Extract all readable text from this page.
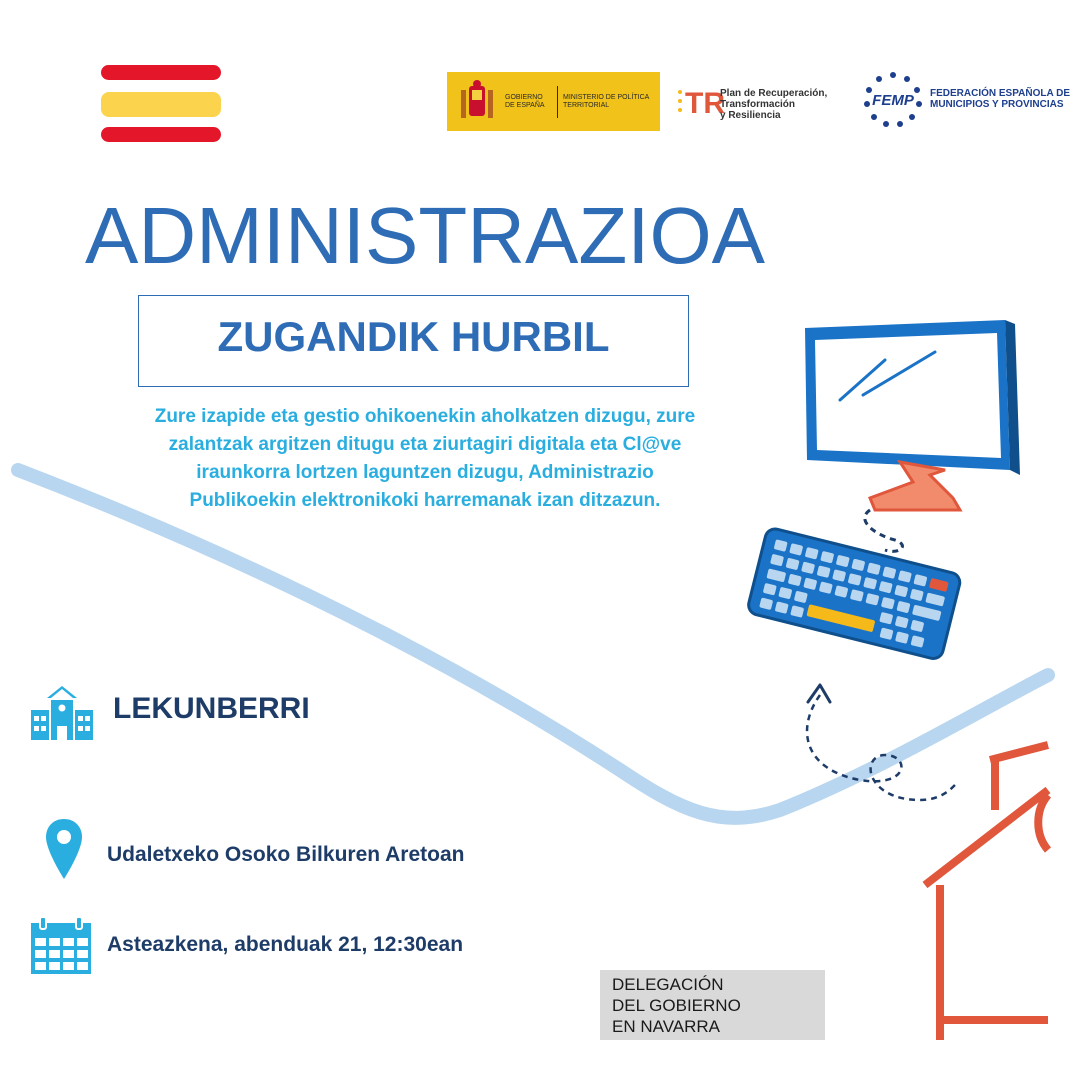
GOBIERNO DE ESPAÑA
MINISTERIO DE POLÍTICA TERRITORIAL	TR
Plan de Recuperación,
Transformación
y Resiliencia
FEMP FEDERACIÓN ESPAÑOLA DE
MUNICIPIOS Y PROVINCIAS
ADMINISTRAZIOA
ZUGANDIK HURBIL
Zure izapide eta gestio ohikoenekin aholkatzen dizugu, zure
zalantzak argitzen ditugu eta ziurtagiri digitala eta Cl@ve
iraunkorra lortzen laguntzen dizugu, Administrazio
Publikoekin elektronikoki harremanak izan ditzazun.
LEKUNBERRI
Udaletxeko Osoko Bilkuren Aretoan
Asteazkena, abenduak 21, 12:30ean
DELEGACIÓN
DEL GOBIERNO
EN NAVARRA
